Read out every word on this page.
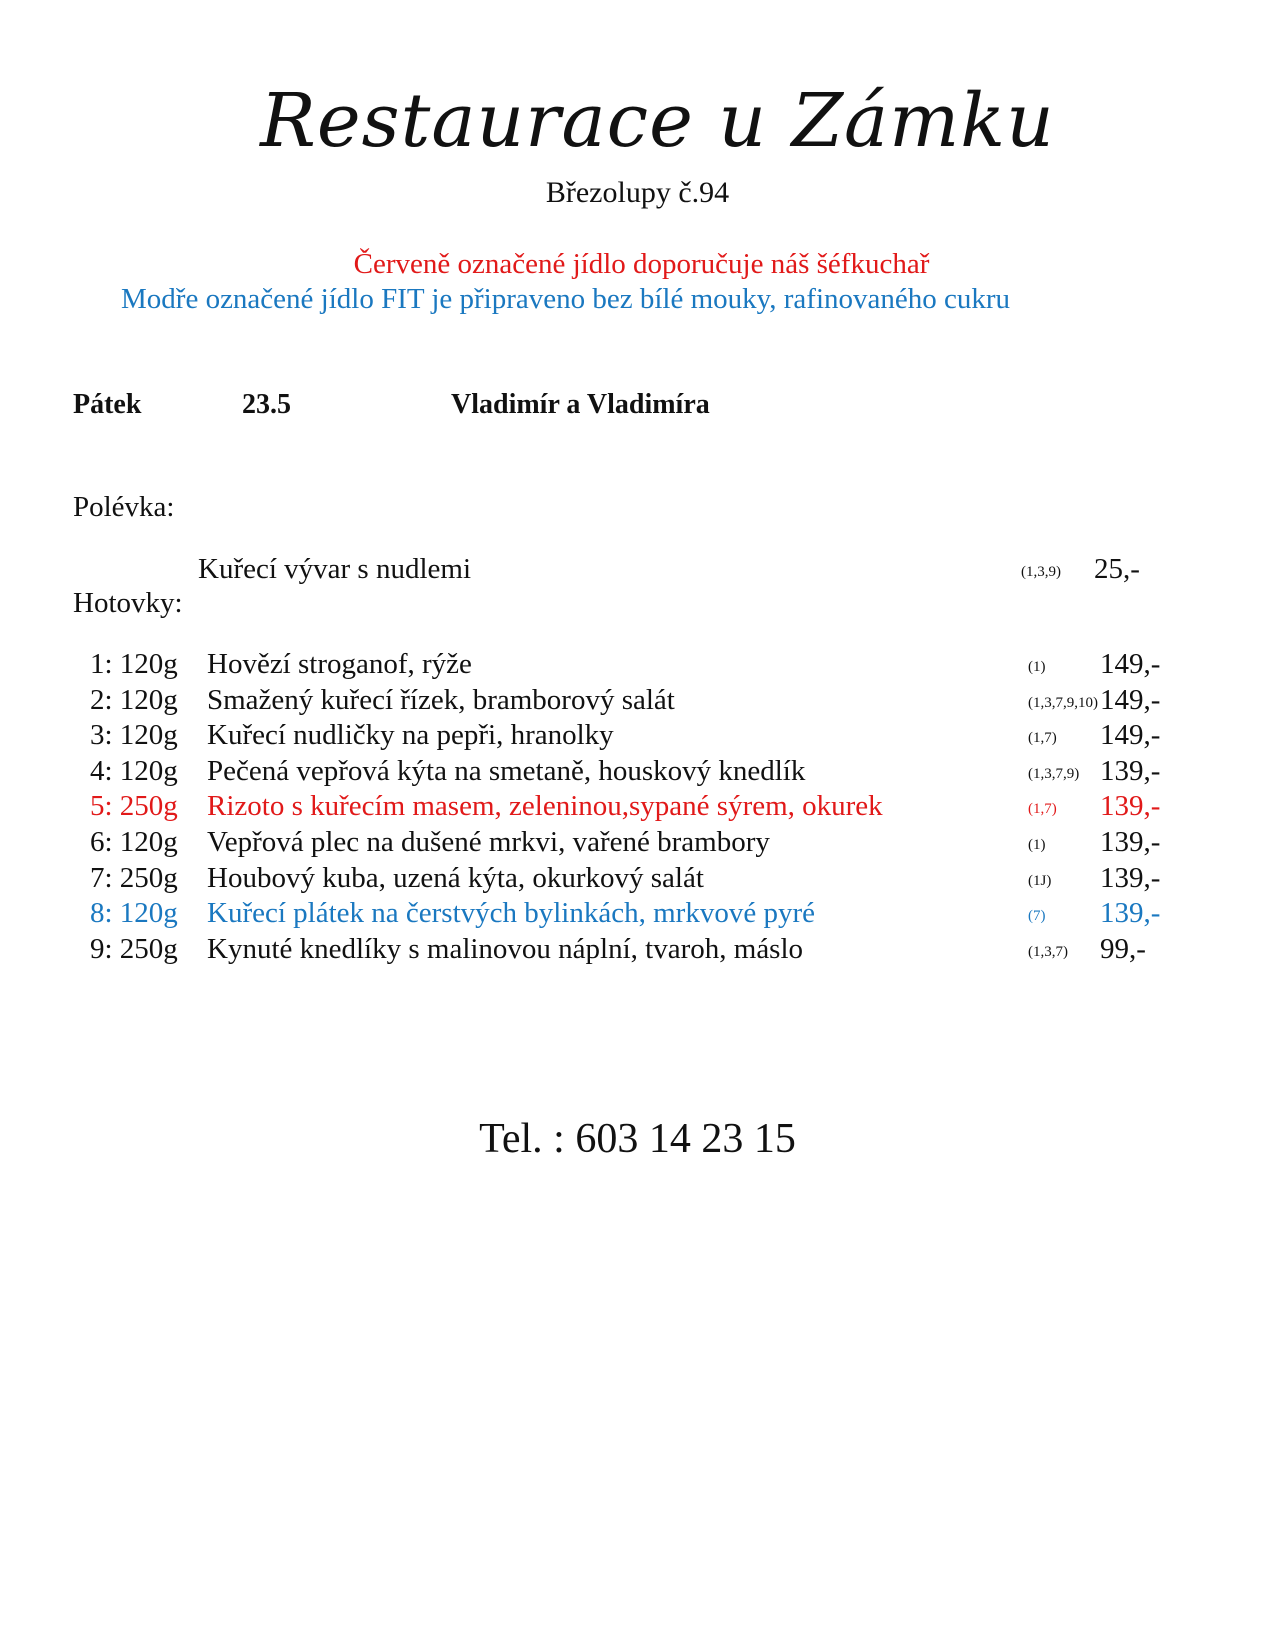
Restaurace u Zámku
Březolupy č.94
Červeně označené jídlo doporučuje náš šéfkuchař
Modře označené jídlo FIT je připraveno bez bílé mouky, rafinovaného cukru
Pátek	23.5	Vladimír a Vladimíra
Polévka:
Kuřecí vývar s nudlemi	(1,3,9) 25,-
Hotovky:
1: 120g Hovězí stroganof, rýže	(1) 149,-
2: 120g Smažený kuřecí řízek, bramborový salát	(1,3,7,9,10) 149,-
3: 120g Kuřecí nudličky na pepři, hranolky	(1,7) 149,-
4: 120g Pečená vepřová kýta na smetaně, houskový knedlík	(1,3,7,9) 139,-
5: 250g Rizoto s kuřecím masem, zeleninou,sypané sýrem, okurek	(1,7) 139,-
6: 120g Vepřová plec na dušené mrkvi, vařené brambory	(1) 139,-
7: 250g Houbový kuba, uzená kýta, okurkový salát	(1J) 139,-
8: 120g Kuřecí plátek na čerstvých bylinkách, mrkvové pyré	(7) 139,-
9: 250g Kynuté knedlíky s malinovou náplní, tvaroh, máslo	(1,3,7) 99,-
Tel. : 603 14 23 15
